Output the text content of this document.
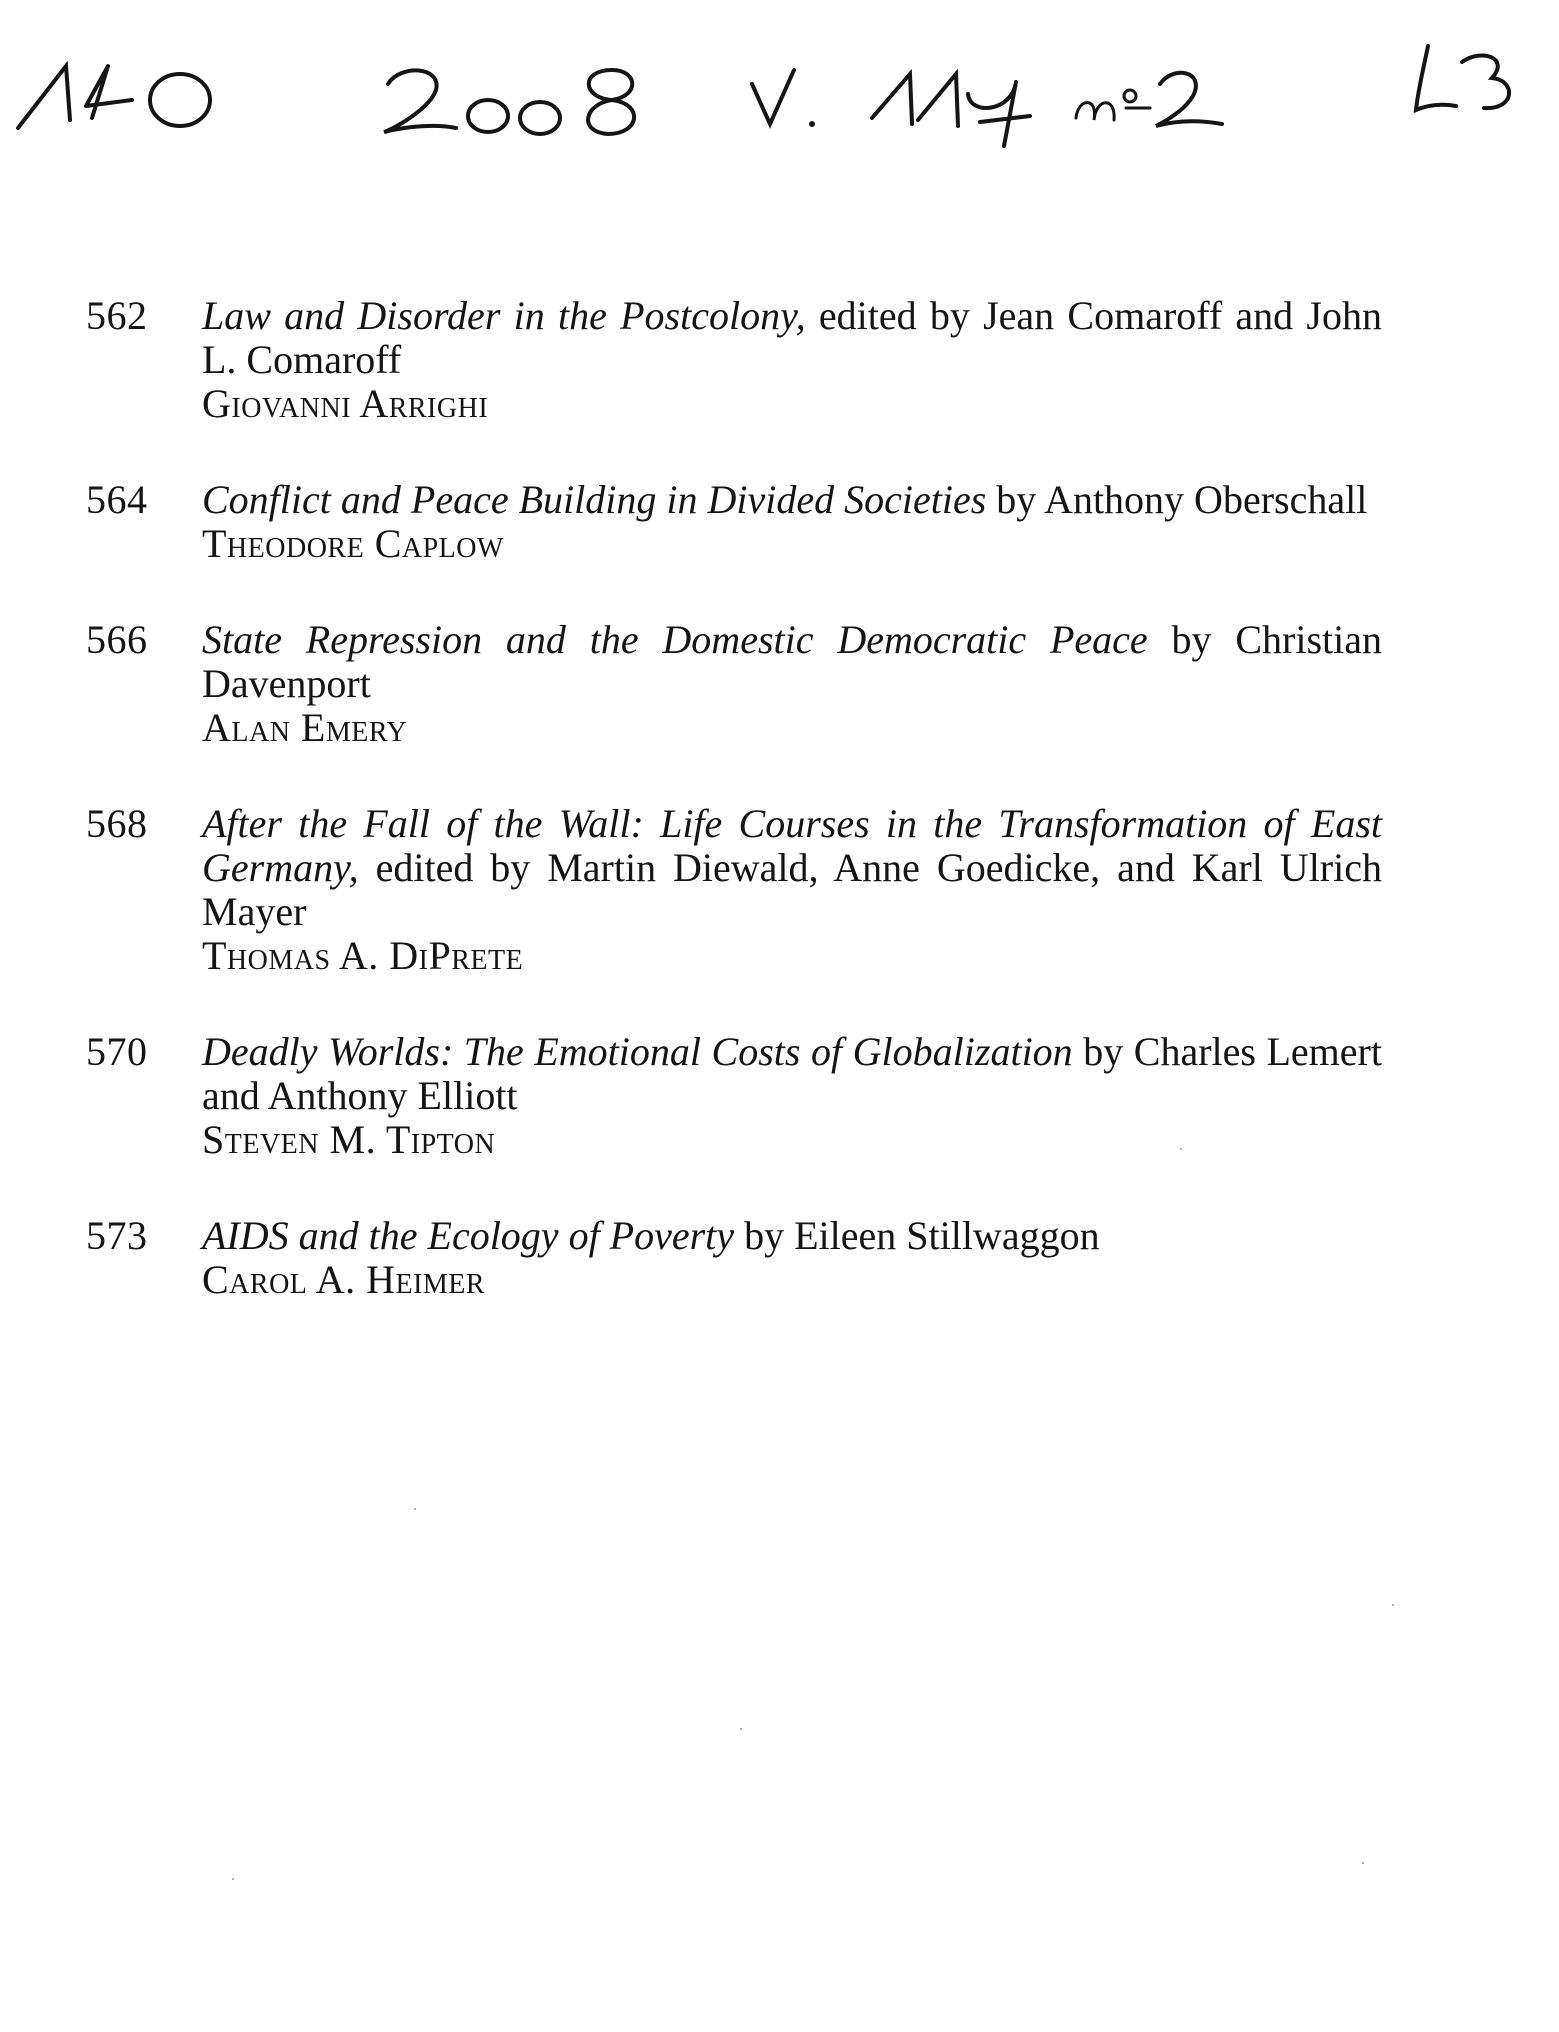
562	Law and Disorder in the Postcolony, edited by Jean Comaroff and John L. Comaroff
Giovanni Arrighi
564	Conflict and Peace Building in Divided Societies by Anthony Oberschall
Theodore Caplow
566	State Repression and the Domestic Democratic Peace by Christian Davenport
Alan Emery
568	After the Fall of the Wall: Life Courses in the Transformation of East Germany, edited by Martin Diewald, Anne Goedicke, and Karl Ulrich Mayer
Thomas A. DiPrete
570	Deadly Worlds: The Emotional Costs of Globalization by Charles Lemert and Anthony Elliott
Steven M. Tipton
573	AIDS and the Ecology of Poverty by Eileen Stillwaggon
Carol A. Heimer
